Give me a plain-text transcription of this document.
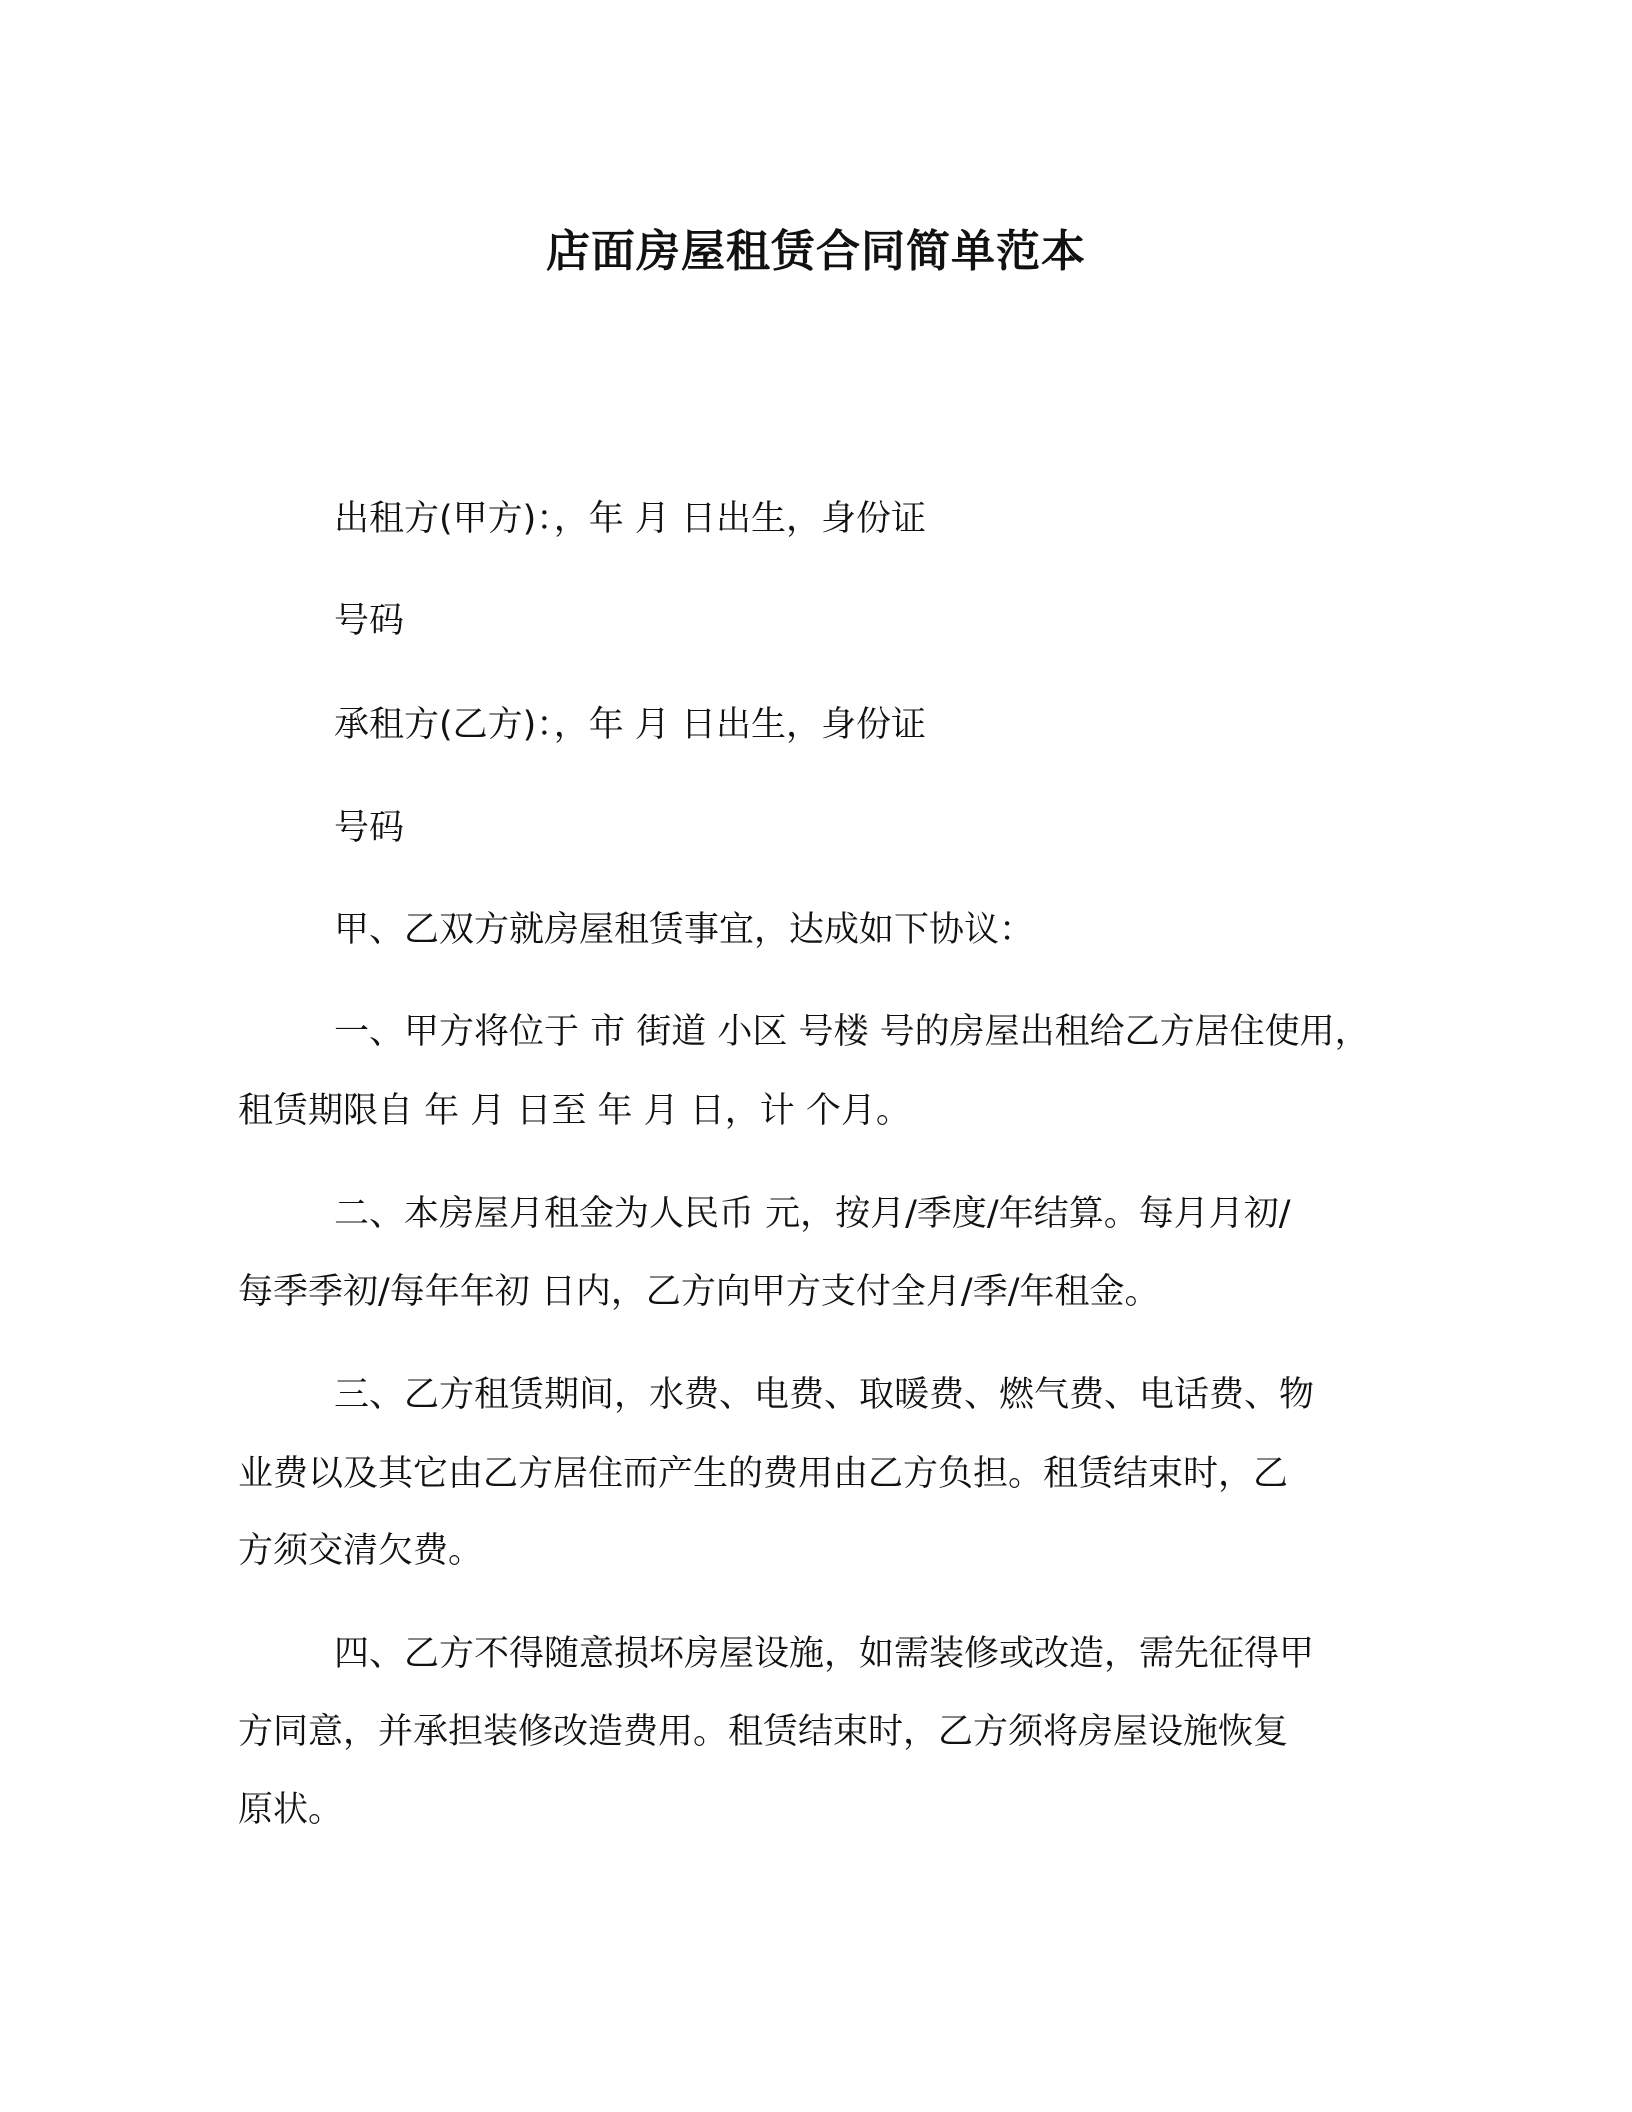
店面房屋租赁合同简单范本

出租方(甲方)：，年 月 日出生，身份证

号码

承租方(乙方)：，年 月 日出生，身份证

号码

甲、乙双方就房屋租赁事宜，达成如下协议：

一、甲方将位于 市 街道 小区 号楼 号的房屋出租给乙方居住使用，

租赁期限自 年 月 日至 年 月 日，计 个月。

二、本房屋月租金为人民币 元，按月/季度/年结算。每月月初/

每季季初/每年年初 日内，乙方向甲方支付全月/季/年租金。

三、乙方租赁期间，水费、电费、取暖费、燃气费、电话费、物

业费以及其它由乙方居住而产生的费用由乙方负担。租赁结束时，乙

方须交清欠费。

四、乙方不得随意损坏房屋设施，如需装修或改造，需先征得甲

方同意，并承担装修改造费用。租赁结束时，乙方须将房屋设施恢复

原状。
